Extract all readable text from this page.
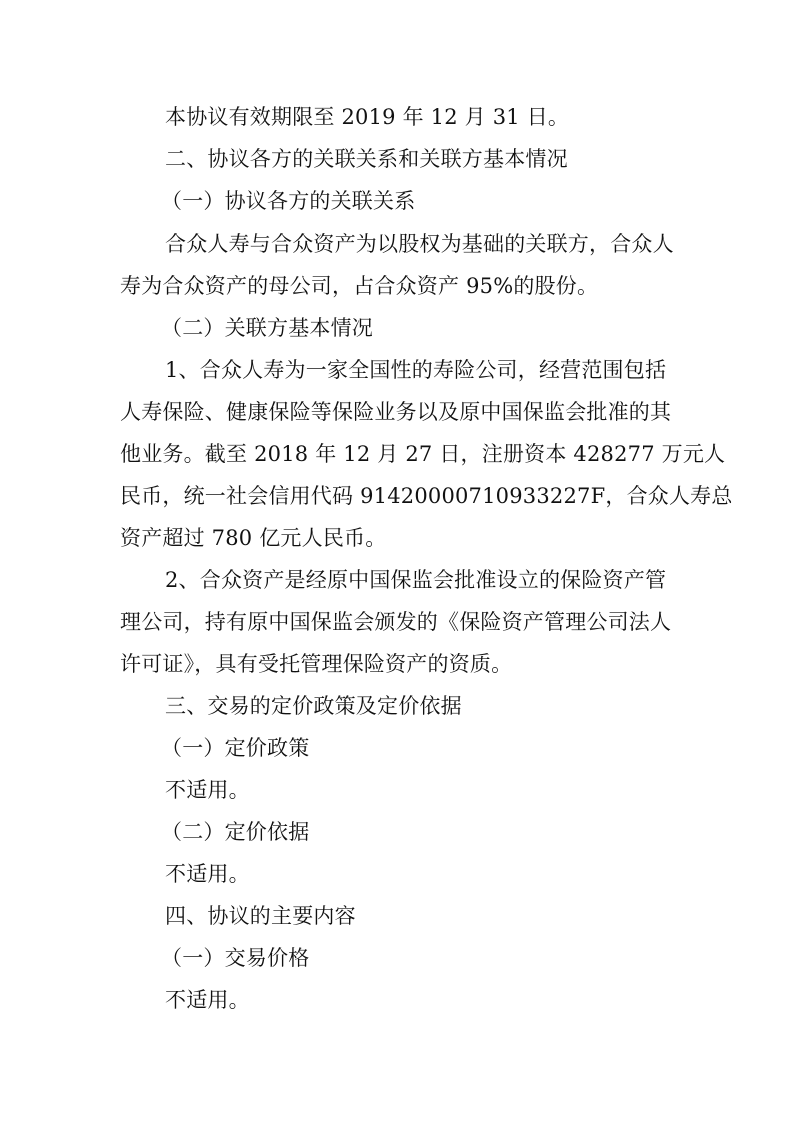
本协议有效期限至 2019 年 12 月 31 日。
二、协议各方的关联关系和关联方基本情况
（一）协议各方的关联关系
合众人寿与合众资产为以股权为基础的关联方，合众人
寿为合众资产的母公司，占合众资产 95%的股份。
（二）关联方基本情况
1、合众人寿为一家全国性的寿险公司，经营范围包括
人寿保险、健康保险等保险业务以及原中国保监会批准的其
他业务。截至 2018 年 12 月 27 日，注册资本 428277 万元人
民币，统一社会信用代码 91420000710933227F，合众人寿总
资产超过 780 亿元人民币。
2、合众资产是经原中国保监会批准设立的保险资产管
理公司，持有原中国保监会颁发的《保险资产管理公司法人
许可证》，具有受托管理保险资产的资质。
三、交易的定价政策及定价依据
（一）定价政策
不适用。
（二）定价依据
不适用。
四、协议的主要内容
（一）交易价格
不适用。
